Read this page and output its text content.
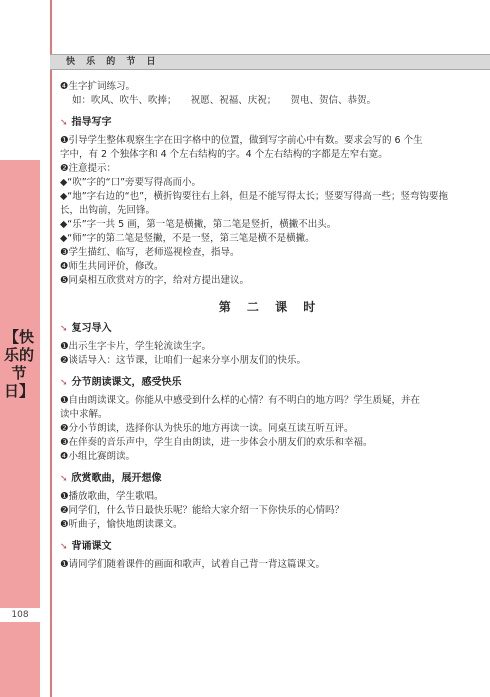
【快乐的节日】
108
快 乐 的 节 日
❹生字扩词练习。
如：吹风、吹牛、吹捧；　　祝愿、祝福、庆祝；　　贺电、贺信、恭贺。
➘ 指导写字
❶引导学生整体观察生字在田字格中的位置，做到写字前心中有数。要求会写的 6 个生
字中，有 2 个独体字和 4 个左右结构的字。4 个左右结构的字都是左窄右宽。
❷注意提示：
◆“吹”字的“口”旁要写得高而小。
◆“地”字右边的“也”，横折钩要往右上斜，但是不能写得太长；竖要写得高一些；竖弯钩要拖
长，出钩前，先回锋。
◆“乐”字一共 5 画，第一笔是横撇，第二笔是竖折，横撇不出头。
◆“师”字的第二笔是竖撇，不是一竖，第三笔是横不是横撇。
❸学生描红、临写，老师巡视检查，指导。
❹师生共同评价，修改。
❺同桌相互欣赏对方的字，给对方提出建议。
第 二 课 时
➘ 复习导入
❶出示生字卡片，学生轮流读生字。
❷谈话导入：这节课，让咱们一起来分享小朋友们的快乐。
➘ 分节朗读课文，感受快乐
❶自由朗读课文。你能从中感受到什么样的心情？有不明白的地方吗？学生质疑，并在
读中求解。
❷分小节朗读，选择你认为快乐的地方再读一读。同桌互读互听互评。
❸在伴奏的音乐声中，学生自由朗读，进一步体会小朋友们的欢乐和幸福。
❹小组比赛朗读。
➘ 欣赏歌曲，展开想像
❶播放歌曲，学生歌唱。
❷同学们，什么节日最快乐呢？能给大家介绍一下你快乐的心情吗？
❸听曲子，愉快地朗读课文。
➘ 背诵课文
❶请同学们随着课件的画面和歌声，试着自己背一背这篇课文。
